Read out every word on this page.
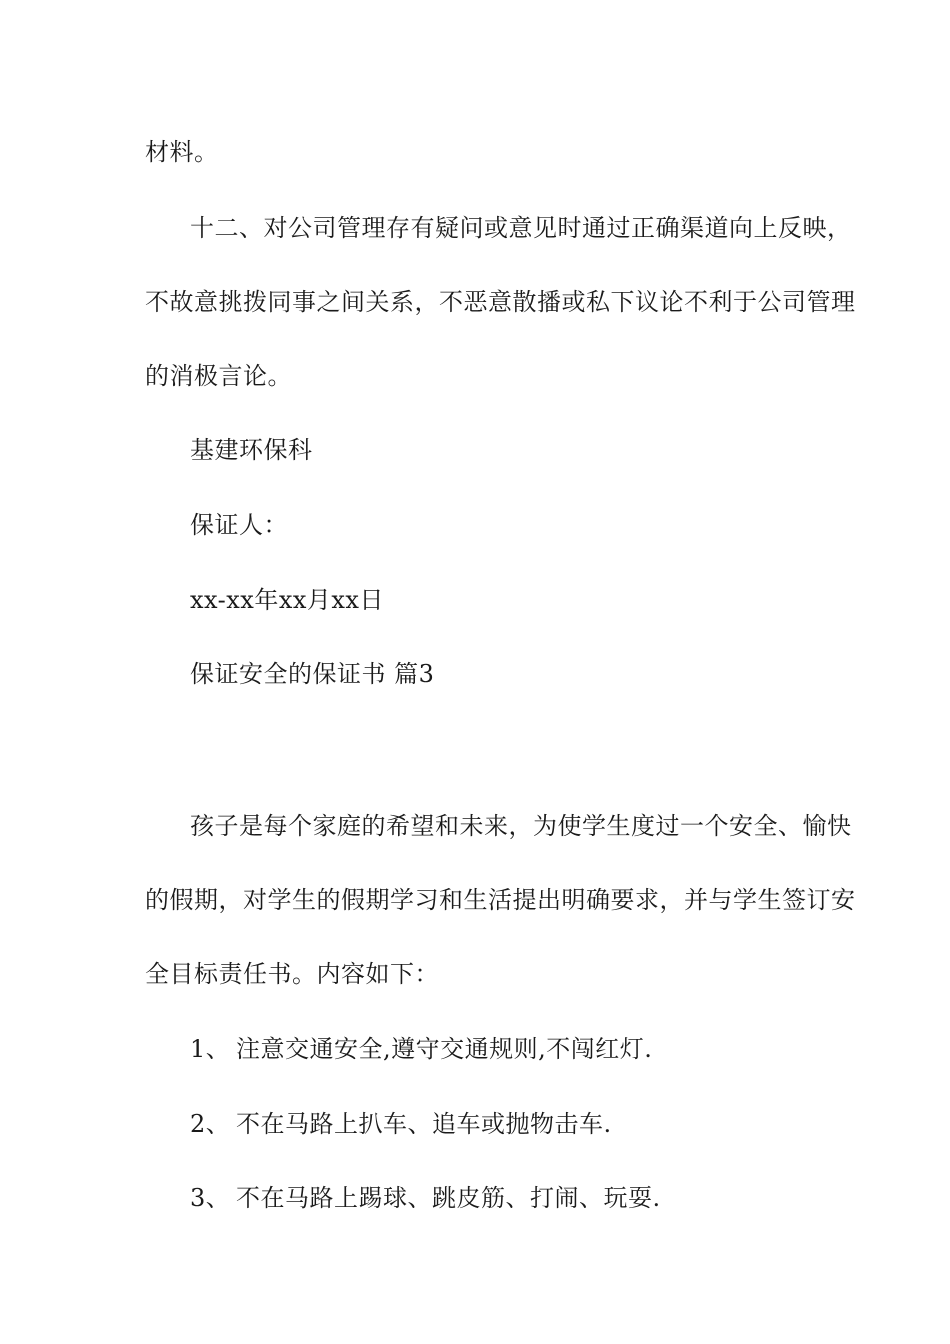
材料。
十二、对公司管理存有疑问或意见时通过正确渠道向上反映，
不故意挑拨同事之间关系，不恶意散播或私下议论不利于公司管理
的消极言论。
基建环保科
保证人：
xx-xx年xx月xx日
保证安全的保证书 篇3
孩子是每个家庭的希望和未来，为使学生度过一个安全、愉快
的假期，对学生的假期学习和生活提出明确要求，并与学生签订安
全目标责任书。内容如下：
1、 注意交通安全,遵守交通规则,不闯红灯.
2、 不在马路上扒车、追车或抛物击车.
3、 不在马路上踢球、跳皮筋、打闹、玩耍.
